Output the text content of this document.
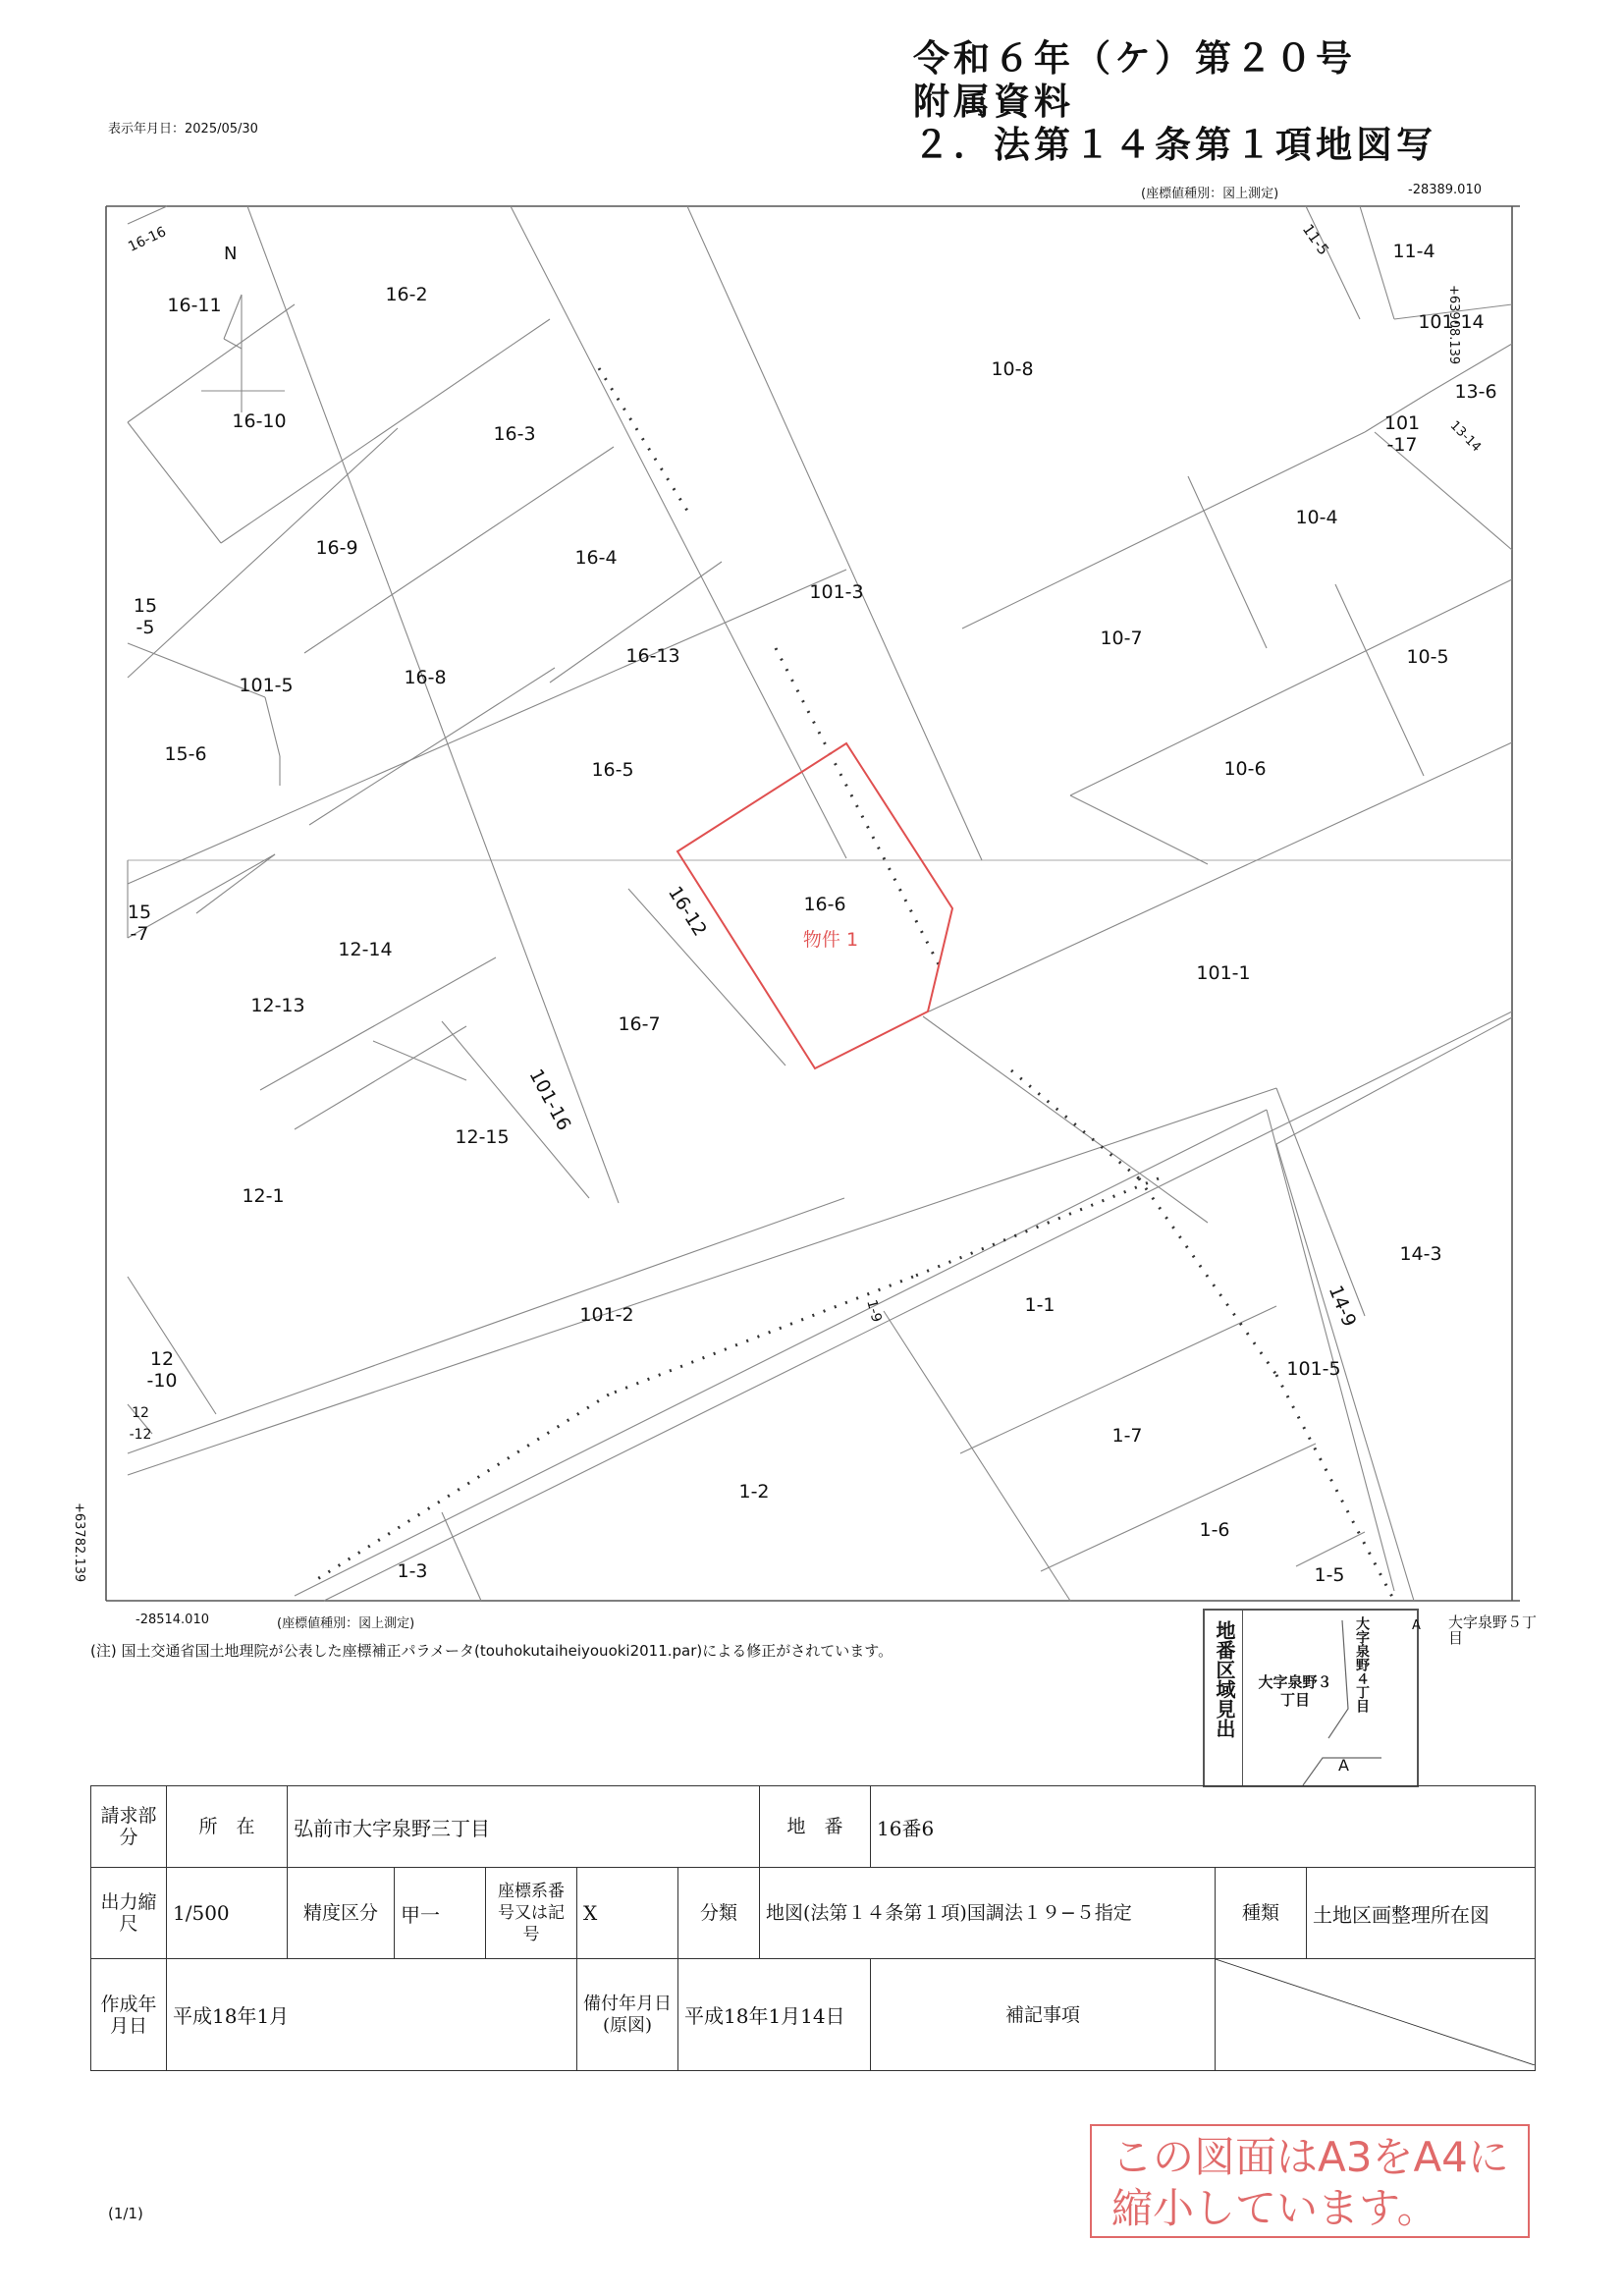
令和６年（ケ）第２０号
附属資料
２．法第１４条第１項地図写
表示年月日：2025/05/30
(座標値種別：図上測定)	-28389.010
+63908.139
+63782.139
-28514.010	(座標値種別：図上測定)
N
16-16
16-11	16-2
16-10
16-3
16-9	16-4
16-13
16-8
15
-5
101-5
15-6
16-5
101-3
10-8
11-5	11-4
101-14
13-6
101
-17 13-14
10-4
10-7
10-5
10-6
16-12	16-6
物件 1
101-1
15
-7
12-14
12-13
16-7
101-16
12-15
12-1
14-3
1-9	1-1	14-9
101-2
101-5
12
-10
12
-12	1-7
1-2
1-6
1-3	1-5
(注) 国土交通省国土地理院が公表した座標補正パラメータ(touhokutaiheiyouoki2011.par)による修正がされています。	地番区域見出	大字泉野４丁目
大字泉野３丁目
A
A 大字泉野５丁目
請求部分	所　在	弘前市大字泉野三丁目					地　番	16番6		
出力縮尺	1/500	精度区分	甲一	座標系番号又は記号	X	分類	地図(法第１４条第１項)国調法１９−５指定		種類	土地区画整理所在図
作成年月日	平成18年1月				備付年月日(原図)	平成18年1月14日		補記事項	
この図面はA3をA4に
縮小しています。
(1/1)
